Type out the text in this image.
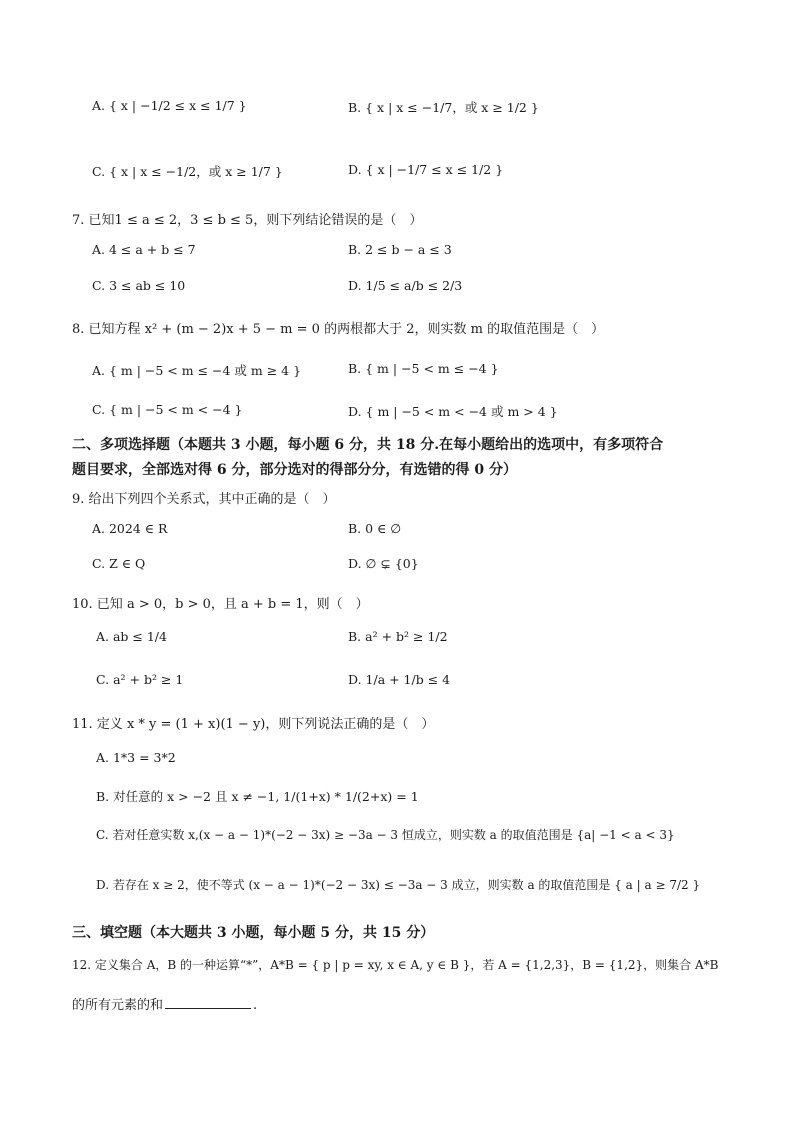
A. { x | −1/2 ≤ x ≤ 1/7 }	B. { x | x ≤ −1/7，或 x ≥ 1/2 }
C. { x | x ≤ −1/2，或 x ≥ 1/7 }	D. { x | −1/7 ≤ x ≤ 1/2 }
7. 已知1 ≤ a ≤ 2，3 ≤ b ≤ 5，则下列结论错误的是（　）
A. 4 ≤ a + b ≤ 7	B. 2 ≤ b − a ≤ 3
C. 3 ≤ ab ≤ 10	D. 1/5 ≤ a/b ≤ 2/3
8. 已知方程 x² + (m − 2)x + 5 − m = 0 的两根都大于 2，则实数 m 的取值范围是（　）
A. { m | −5 < m ≤ −4 或 m ≥ 4 }	B. { m | −5 < m ≤ −4 }
C. { m | −5 < m < −4 }	D. { m | −5 < m < −4 或 m > 4 }
二、多项选择题（本题共 3 小题，每小题 6 分，共 18 分.在每小题给出的选项中，有多项符合
题目要求，全部选对得 6 分，部分选对的得部分分，有选错的得 0 分）
9. 给出下列四个关系式，其中正确的是（　）
A. 2024 ∈ R	B. 0 ∈ ∅
C. Z ∈ Q	D. ∅ ⊊ {0}
10. 已知 a > 0，b > 0，且 a + b = 1，则（　）
A. ab ≤ 1/4	B. a² + b² ≥ 1/2
C. a² + b² ≥ 1	D. 1/a + 1/b ≤ 4
11. 定义 x * y = (1 + x)(1 − y)，则下列说法正确的是（　）
A. 1*3 = 3*2
B. 对任意的 x > −2 且 x ≠ −1, 1/(1+x) * 1/(2+x) = 1
C. 若对任意实数 x,(x − a − 1)*(−2 − 3x) ≥ −3a − 3 恒成立，则实数 a 的取值范围是 {a| −1 < a < 3}
D. 若存在 x ≥ 2，使不等式 (x − a − 1)*(−2 − 3x) ≤ −3a − 3 成立，则实数 a 的取值范围是 { a | a ≥ 7/2 }
三、填空题（本大题共 3 小题，每小题 5 分，共 15 分）
12. 定义集合 A，B 的一种运算“*”，A*B = { p | p = xy, x ∈ A, y ∈ B }，若 A = {1,2,3}，B = {1,2}，则集合 A*B
的所有元素的和	.
